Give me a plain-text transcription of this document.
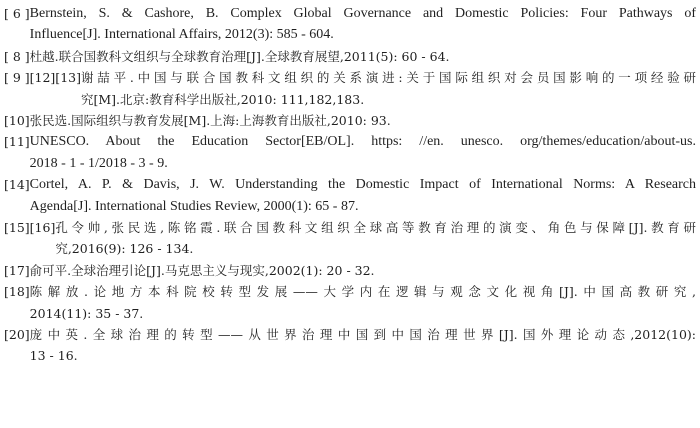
[ 6 ] Bernstein, S. & Cashore, B. Complex Global Governance and Domestic Policies: Four Pathways of
Influence[J]. International Affairs, 2012(3): 585 - 604.
[ 8 ] 杜越.联合国教科文组织与全球教育治理[J].全球教育展望,2011(5): 60 - 64.
[ 9 ][12][13] 谢喆平.中国与联合国教科文组织的关系演进:关于国际组织对会员国影响的一项经验研
究[M].北京:教育科学出版社,2010: 111,182,183.
[10] 张民选.国际组织与教育发展[M].上海:上海教育出版社,2010: 93.
[11] UNESCO. About the Education Sector[EB/OL]. https: //en. unesco. org/themes/education/about-us.
2018 - 1 - 1/2018 - 3 - 9.
[14] Cortel, A. P. & Davis, J. W. Understanding the Domestic Impact of International Norms: A Research
Agenda[J]. International Studies Review, 2000(1): 65 - 87.
[15][16] 孔令帅,张民选,陈铭霞.联合国教科文组织全球高等教育治理的演变、角色与保障[J].教育研
究,2016(9): 126 - 134.
[17] 俞可平.全球治理引论[J].马克思主义与现实,2002(1): 20 - 32.
[18] 陈解放.论地方本科院校转型发展——大学内在逻辑与观念文化视角[J].中国高教研究,
2014(11): 35 - 37.
[20] 庞中英.全球治理的转型——从世界治理中国到中国治理世界[J].国外理论动态,2012(10):
13 - 16.
